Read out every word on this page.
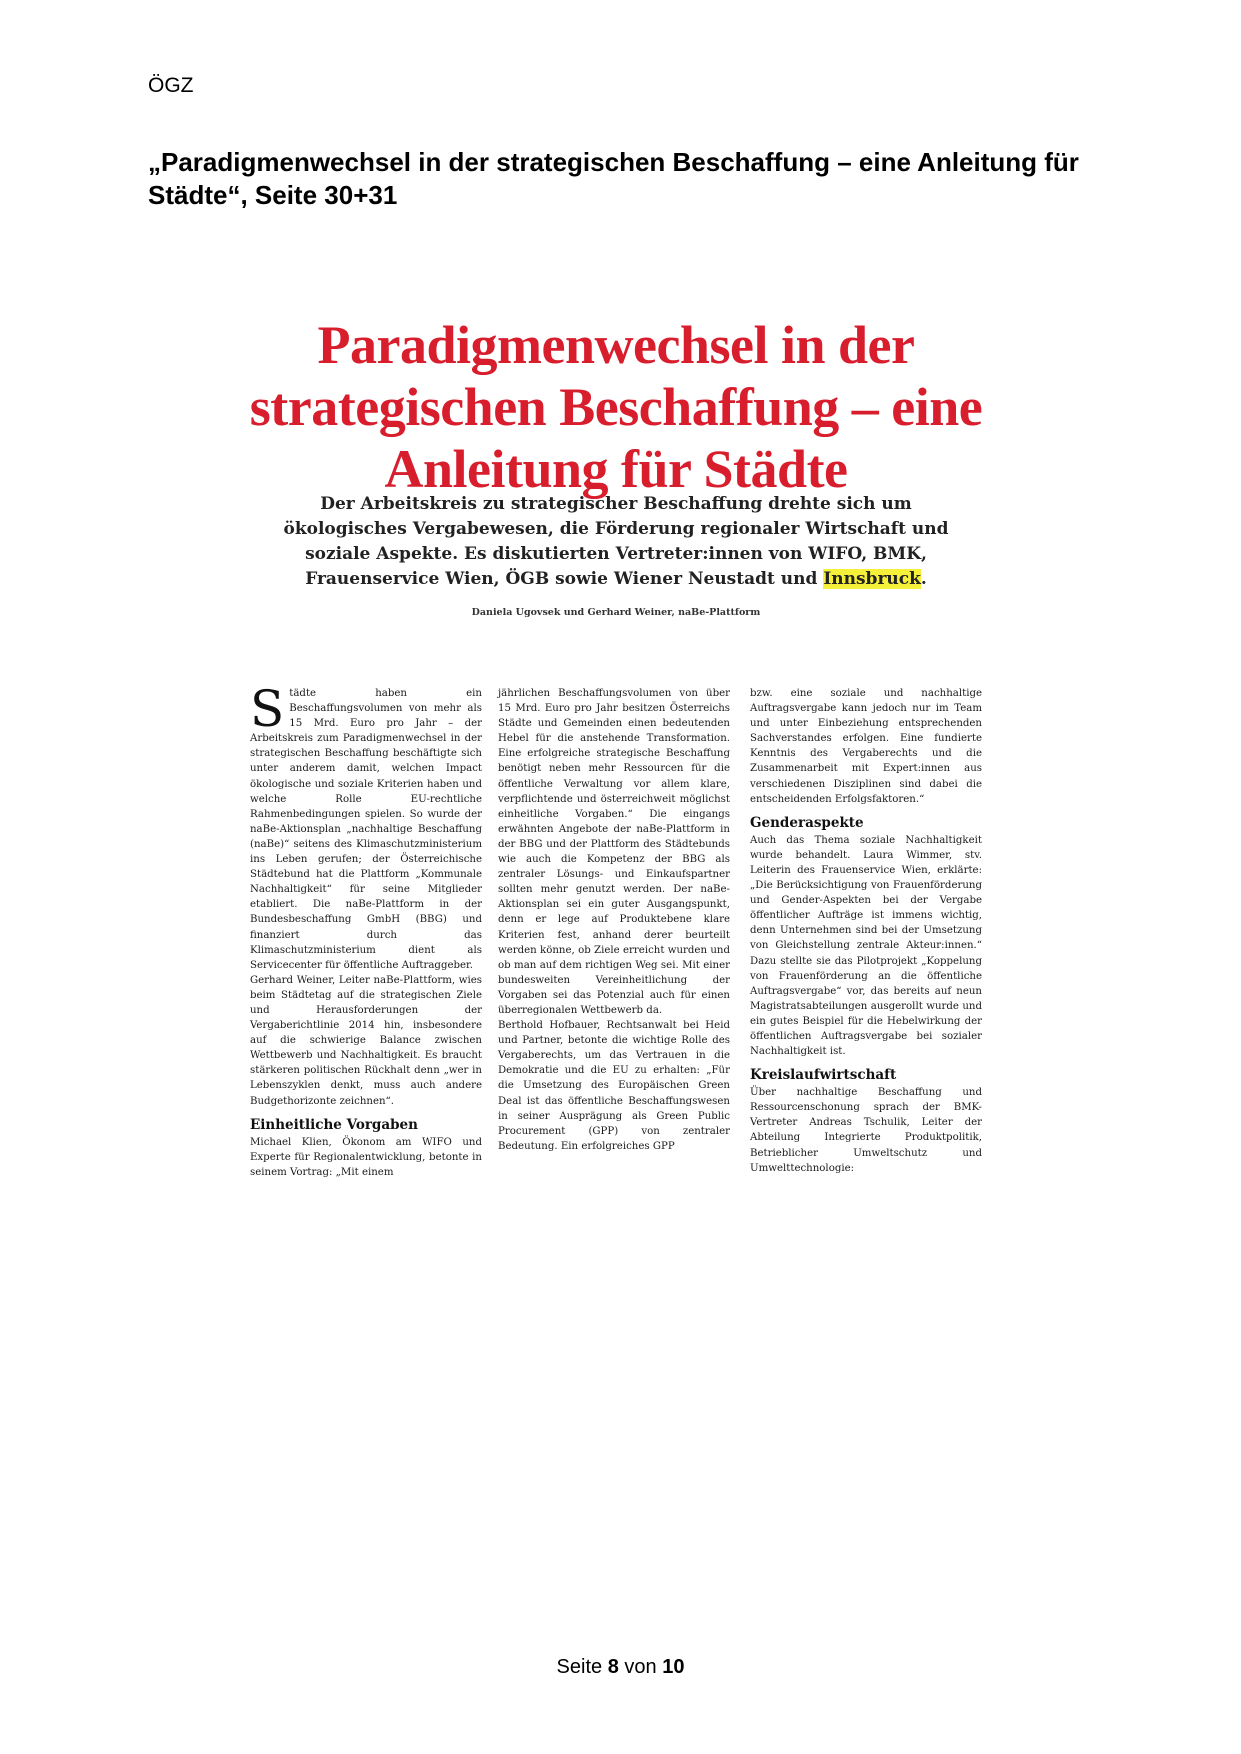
ÖGZ
„Paradigmenwechsel in der strategischen Beschaffung – eine Anleitung für Städte“, Seite 30+31
Paradigmenwechsel in der strategischen Beschaffung – eine Anleitung für Städte
Der Arbeitskreis zu strategischer Beschaffung drehte sich um ökologisches Vergabewesen, die Förderung regionaler Wirtschaft und soziale Aspekte. Es diskutierten Vertreter:innen von WIFO, BMK, Frauenservice Wien, ÖGB sowie Wiener Neustadt und Innsbruck.
Daniela Ugovsek und Gerhard Weiner, naBe-Plattform

Städte haben ein Beschaffungsvolumen von mehr als 15 Mrd. Euro pro Jahr – der Arbeitskreis zum Paradigmenwechsel in der strategischen Beschaffung beschäftigte sich unter anderem damit, welchen Impact ökologische und soziale Kriterien haben und welche Rolle EU-rechtliche Rahmenbedingungen spielen. So wurde der naBe-Aktionsplan „nachhaltige Beschaffung (naBe)“ seitens des Klimaschutzministerium ins Leben gerufen; der Österreichische Städtebund hat die Plattform „Kommunale Nachhaltigkeit“ für seine Mitglieder etabliert. Die naBe-Plattform in der Bundesbeschaffung GmbH (BBG) und finanziert durch das Klimaschutzministerium dient als Servicecenter für öffentliche Auftraggeber.

Gerhard Weiner, Leiter naBe-Plattform, wies beim Städtetag auf die strategischen Ziele und Herausforderungen der Vergaberichtlinie 2014 hin, insbesondere auf die schwierige Balance zwischen Wettbewerb und Nachhaltigkeit. Es braucht stärkeren politischen Rückhalt denn „wer in Lebenszyklen denkt, muss auch andere Budgethorizonte zeichnen“.

Einheitliche Vorgaben

Michael Klien, Ökonom am WIFO und Experte für Regionalentwicklung, betonte in seinem Vortrag: „Mit einem

jährlichen Beschaffungsvolumen von über 15 Mrd. Euro pro Jahr besitzen Österreichs Städte und Gemeinden einen bedeutenden Hebel für die anstehende Transformation. Eine erfolgreiche strategische Beschaffung benötigt neben mehr Ressourcen für die öffentliche Verwaltung vor allem klare, verpflichtende und österreichweit möglichst einheitliche Vorgaben.“ Die eingangs erwähnten Angebote der naBe-Plattform in der BBG und der Plattform des Städtebunds wie auch die Kompetenz der BBG als zentraler Lösungs- und Einkaufspartner sollten mehr genutzt werden. Der naBe-Aktionsplan sei ein guter Ausgangspunkt, denn er lege auf Produktebene klare Kriterien fest, anhand derer beurteilt werden könne, ob Ziele erreicht wurden und ob man auf dem richtigen Weg sei. Mit einer bundesweiten Vereinheitlichung der Vorgaben sei das Potenzial auch für einen überregionalen Wettbewerb da.

Berthold Hofbauer, Rechtsanwalt bei Heid und Partner, betonte die wichtige Rolle des Vergaberechts, um das Vertrauen in die Demokratie und die EU zu erhalten: „Für die Umsetzung des Europäischen Green Deal ist das öffentliche Beschaffungswesen in seiner Ausprägung als Green Public Procurement (GPP) von zentraler Bedeutung. Ein erfolgreiches GPP

bzw. eine soziale und nachhaltige Auftragsvergabe kann jedoch nur im Team und unter Einbeziehung entsprechenden Sachverstandes erfolgen. Eine fundierte Kenntnis des Vergaberechts und die Zusammenarbeit mit Expert:innen aus verschiedenen Disziplinen sind dabei die entscheidenden Erfolgsfaktoren.“

Genderaspekte

Auch das Thema soziale Nachhaltigkeit wurde behandelt. Laura Wimmer, stv. Leiterin des Frauenservice Wien, erklärte: „Die Berücksichtigung von Frauenförderung und Gender-Aspekten bei der Vergabe öffentlicher Aufträge ist immens wichtig, denn Unternehmen sind bei der Umsetzung von Gleichstellung zentrale Akteur:innen.“ Dazu stellte sie das Pilotprojekt „Koppelung von Frauenförderung an die öffentliche Auftragsvergabe“ vor, das bereits auf neun Magistratsabteilungen ausgerollt wurde und ein gutes Beispiel für die Hebelwirkung der öffentlichen Auftragsvergabe bei sozialer Nachhaltigkeit ist.

Kreislaufwirtschaft

Über nachhaltige Beschaffung und Ressourcenschonung sprach der BMK-Vertreter Andreas Tschulik, Leiter der Abteilung Integrierte Produktpolitik, Betrieblicher Umweltschutz und Umwelttechnologie:

Seite 8 von 10
